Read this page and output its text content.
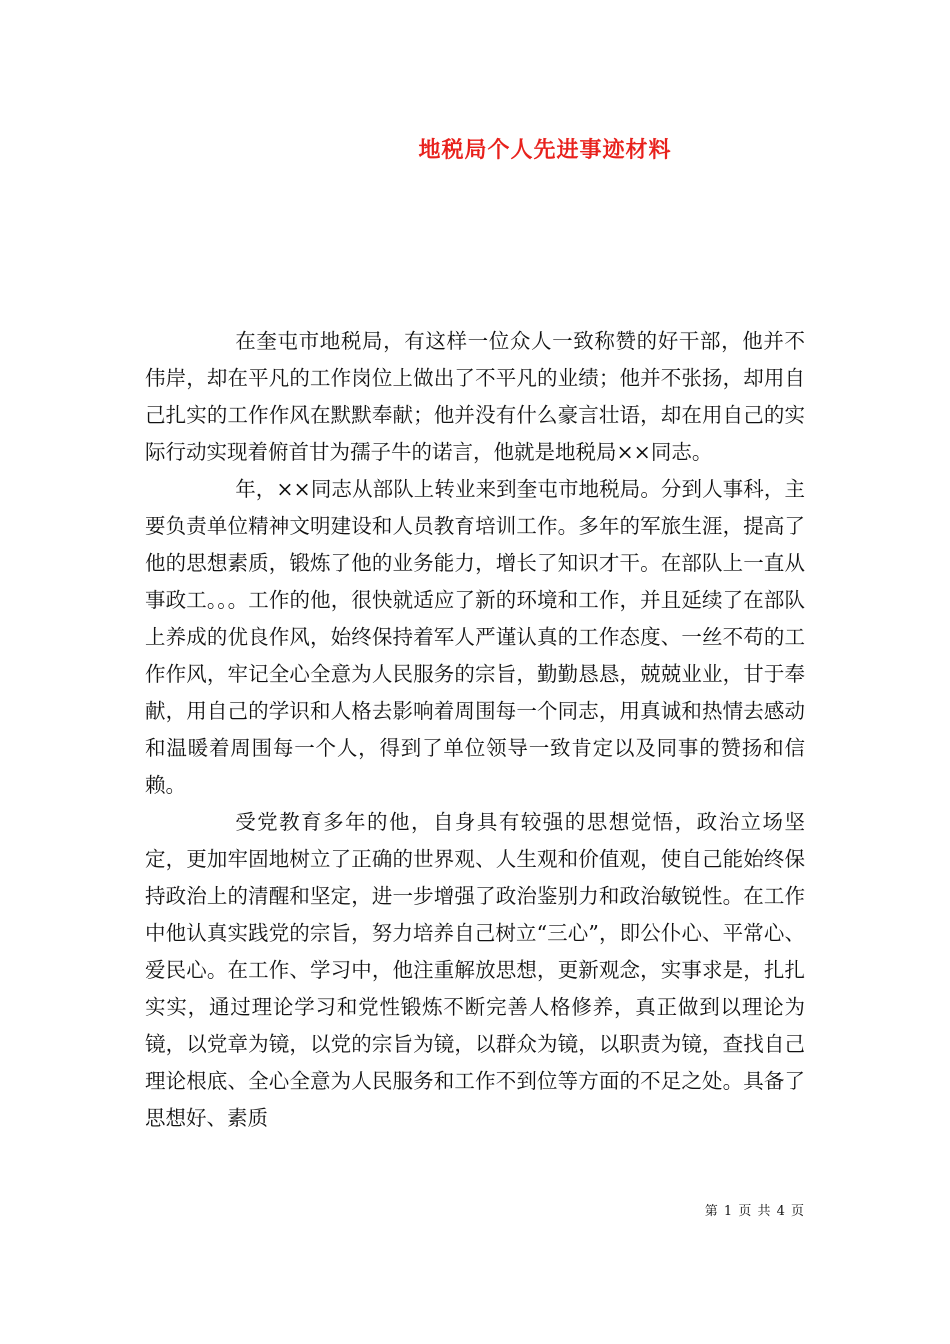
地税局个人先进事迹材料

在奎屯市地税局，有这样一位众人一致称赞的好干部，他并不伟岸，却在平凡的工作岗位上做出了不平凡的业绩；他并不张扬，却用自己扎实的工作作风在默默奉献；他并没有什么豪言壮语，却在用自己的实际行动实现着俯首甘为孺子牛的诺言，他就是地税局××同志。

年，××同志从部队上转业来到奎屯市地税局。分到人事科，主要负责单位精神文明建设和人员教育培训工作。多年的军旅生涯，提高了他的思想素质，锻炼了他的业务能力，增长了知识才干。在部队上一直从事政工。。。工作的他，很快就适应了新的环境和工作，并且延续了在部队上养成的优良作风，始终保持着军人严谨认真的工作态度、一丝不苟的工作作风，牢记全心全意为人民服务的宗旨，勤勤恳恳，兢兢业业，甘于奉献，用自己的学识和人格去影响着周围每一个同志，用真诚和热情去感动和温暖着周围每一个人，得到了单位领导一致肯定以及同事的赞扬和信赖。

受党教育多年的他，自身具有较强的思想觉悟，政治立场坚定，更加牢固地树立了正确的世界观、人生观和价值观，使自己能始终保持政治上的清醒和坚定，进一步增强了政治鉴别力和政治敏锐性。在工作中他认真实践党的宗旨，努力培养自己树立“三心”，即公仆心、平常心、爱民心。在工作、学习中，他注重解放思想，更新观念，实事求是，扎扎实实，通过理论学习和党性锻炼不断完善人格修养，真正做到以理论为镜，以党章为镜，以党的宗旨为镜，以群众为镜，以职责为镜，查找自己理论根底、全心全意为人民服务和工作不到位等方面的不足之处。具备了思想好、素质

第 1 页 共 4 页
